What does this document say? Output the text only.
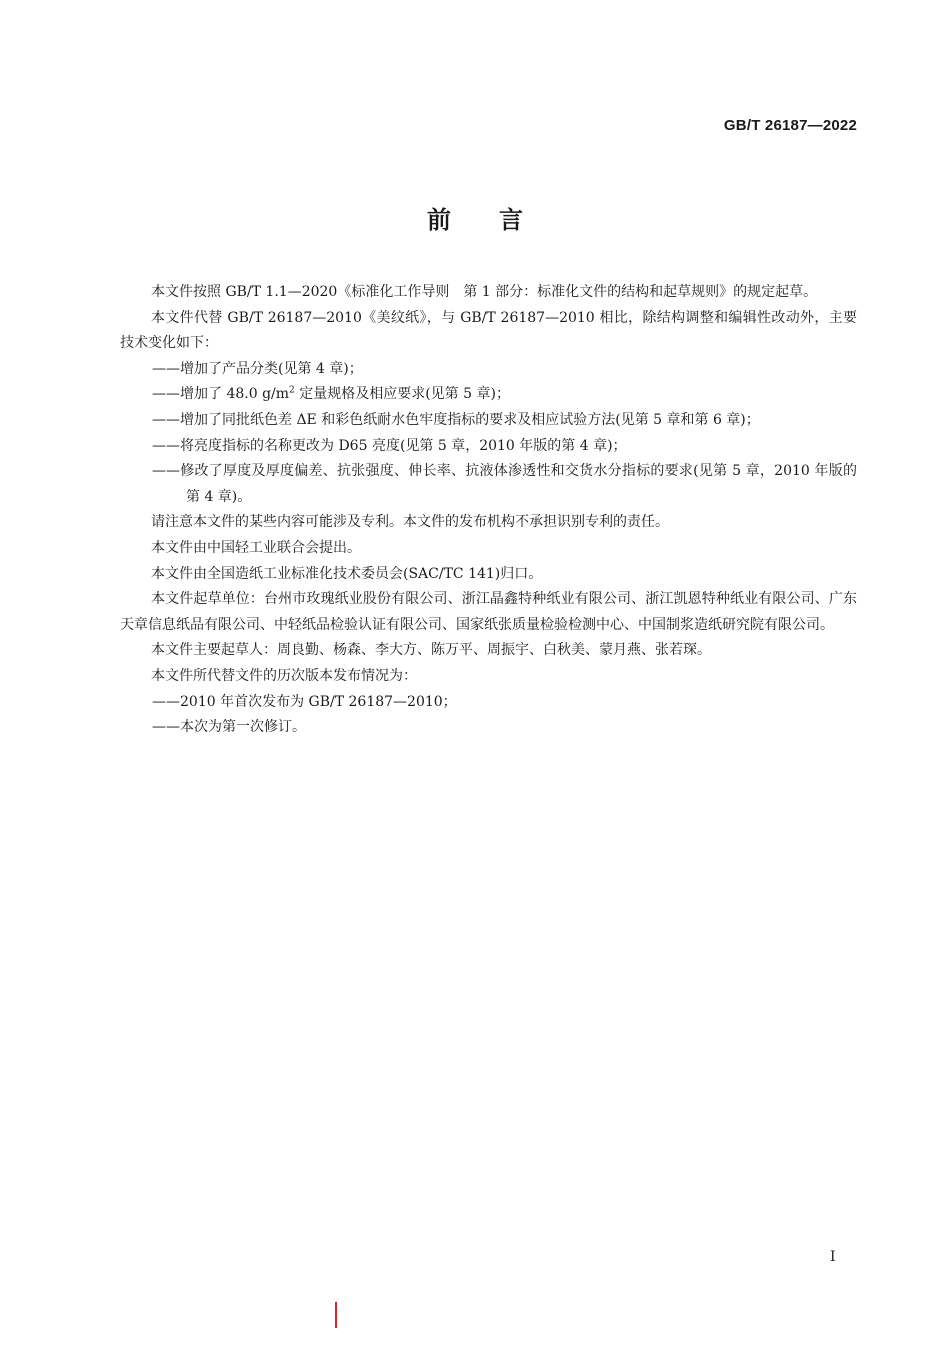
GB/T 26187—2022
前言

本文件按照 GB/T 1.1—2020《标准化工作导则　第 1 部分：标准化文件的结构和起草规则》的规定起草。

本文件代替 GB/T 26187—2010《美纹纸》，与 GB/T 26187—2010 相比，除结构调整和编辑性改动外，主要技术变化如下：

——增加了产品分类(见第 4 章)；

——增加了 48.0 $g/m^2$ 定量规格及相应要求(见第 5 章)；

——增加了同批纸色差 ΔE 和彩色纸耐水色牢度指标的要求及相应试验方法(见第 5 章和第 6 章)；

——将亮度指标的名称更改为 D65 亮度(见第 5 章，2010 年版的第 4 章)；

——修改了厚度及厚度偏差、抗张强度、伸长率、抗液体渗透性和交货水分指标的要求(见第 5 章，2010 年版的第 4 章)。

请注意本文件的某些内容可能涉及专利。本文件的发布机构不承担识别专利的责任。

本文件由中国轻工业联合会提出。

本文件由全国造纸工业标准化技术委员会(SAC/TC 141)归口。

本文件起草单位：台州市玫瑰纸业股份有限公司、浙江晶鑫特种纸业有限公司、浙江凯恩特种纸业有限公司、广东天章信息纸品有限公司、中轻纸品检验认证有限公司、国家纸张质量检验检测中心、中国制浆造纸研究院有限公司。

本文件主要起草人：周良勤、杨森、李大方、陈万平、周振宇、白秋美、蒙月燕、张若琛。

本文件所代替文件的历次版本发布情况为：

——2010 年首次发布为 GB/T 26187—2010；

——本次为第一次修订。

I
